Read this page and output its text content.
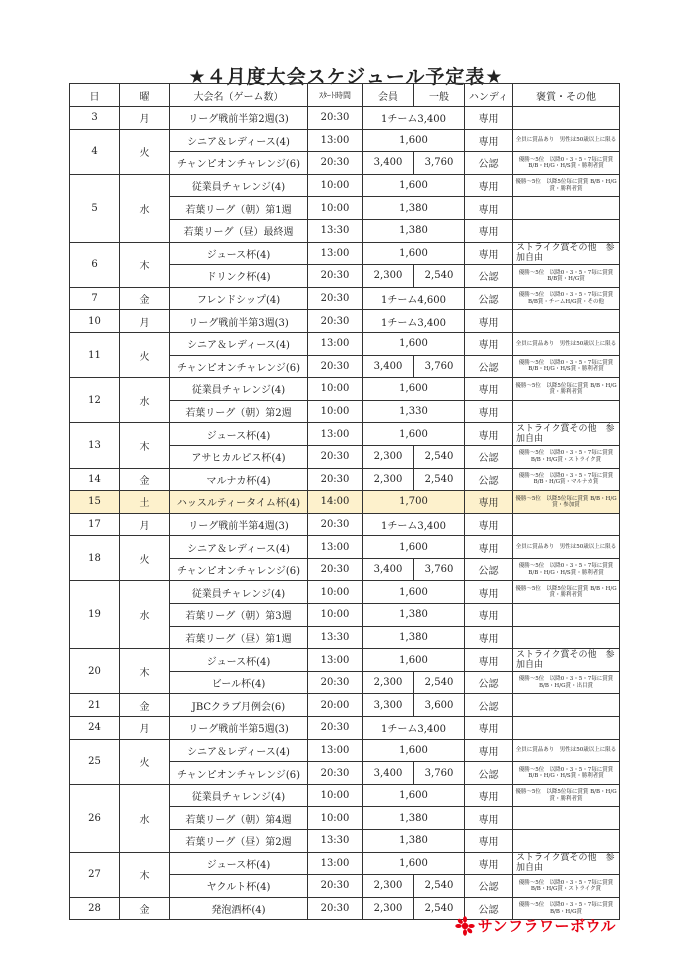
★４月度大会スケジュール予定表★
日	曜	大会名（ゲーム数）	ｽﾀｰﾄ時間	会員	一般	ハンディ	褒賞・その他
3	月	リーグ戦前半第2週(3)	20:30	1チーム3,400		専用	
4	火	シニア＆レディース(4)	13:00	1,600		専用	全員に賞品あり　男性は50歳以上に限る
		チャンピオンチャレンジ(6)	20:30	3,400	3,760	公認	優勝～5位　以降0・3・5・7毎に賞賞 B/B・H/G・H/S賞・勝利者賞
5	水	従業員チャレンジ(4)	10:00	1,600		専用	優勝～5位　以降5位毎に賞賞 B/B・H/G賞・勝利者賞
		若葉リーグ（朝）第1週	10:00	1,380		専用	
		若葉リーグ（昼）最終週	13:30	1,380		専用	
6	木	ジュース杯(4)	13:00	1,600		専用	ストライク賞その他　参加自由
		ドリンク杯(4)	20:30	2,300	2,540	公認	優勝～5位　以降0・3・5・7毎に賞賞 B/B賞・H/G賞
7	金	フレンドシップ(4)	20:30	1チーム4,600		公認	優勝～5位　以降0・3・5・7毎に賞賞 B/B賞・チームH/G賞・その他
10	月	リーグ戦前半第3週(3)	20:30	1チーム3,400		専用	
11	火	シニア＆レディース(4)	13:00	1,600		専用	全員に賞品あり　男性は50歳以上に限る
		チャンピオンチャレンジ(6)	20:30	3,400	3,760	公認	優勝～5位　以降0・3・5・7毎に賞賞 B/B・H/G・H/S賞・勝利者賞
12	水	従業員チャレンジ(4)	10:00	1,600		専用	優勝～5位　以降5位毎に賞賞 B/B・H/G賞・勝利者賞
		若葉リーグ（朝）第2週	10:00	1,330		専用	
13	木	ジュース杯(4)	13:00	1,600		専用	ストライク賞その他　参加自由
		アサヒカルピス杯(4)	20:30	2,300	2,540	公認	優勝～5位　以降0・3・5・7毎に賞賞 B/B・H/G賞・ストライク賞
14	金	マルナカ杯(4)	20:30	2,300	2,540	公認	優勝～5位　以降0・3・5・7毎に賞賞 B/B・H/G賞・マルナカ賞
15	土	ハッスルティータイム杯(4)	14:00	1,700		専用	優勝～5位　以降5位毎に賞賞 B/B・H/G賞・参加賞
17	月	リーグ戦前半第4週(3)	20:30	1チーム3,400		専用	
18	火	シニア＆レディース(4)	13:00	1,600		専用	全員に賞品あり　男性は50歳以上に限る
		チャンピオンチャレンジ(6)	20:30	3,400	3,760	公認	優勝～5位　以降0・3・5・7毎に賞賞 B/B・H/G・H/S賞・勝利者賞
19	水	従業員チャレンジ(4)	10:00	1,600		専用	優勝～5位　以降5位毎に賞賞 B/B・H/G賞・勝利者賞
		若葉リーグ（朝）第3週	10:00	1,380		専用	
		若葉リーグ（昼）第1週	13:30	1,380		専用	
20	木	ジュース杯(4)	13:00	1,600		専用	ストライク賞その他　参加自由
		ビール杯(4)	20:30	2,300	2,540	公認	優勝～5位　以降0・3・5・7毎に賞賞 B/B・H/G賞・出目賞
21	金	JBCクラブ月例会(6)	20:00	3,300	3,600	公認	
24	月	リーグ戦前半第5週(3)	20:30	1チーム3,400		専用	
25	火	シニア＆レディース(4)	13:00	1,600		専用	全員に賞品あり　男性は50歳以上に限る
		チャンピオンチャレンジ(6)	20:30	3,400	3,760	公認	優勝～5位　以降0・3・5・7毎に賞賞 B/B・H/G・H/S賞・勝利者賞
26	水	従業員チャレンジ(4)	10:00	1,600		専用	優勝～5位　以降5位毎に賞賞 B/B・H/G賞・勝利者賞
		若葉リーグ（朝）第4週	10:00	1,380		専用	
		若葉リーグ（昼）第2週	13:30	1,380		専用	
27	木	ジュース杯(4)	13:00	1,600		専用	ストライク賞その他　参加自由
		ヤクルト杯(4)	20:30	2,300	2,540	公認	優勝～5位　以降0・3・5・7毎に賞賞 B/B・H/G賞・ストライク賞
28	金	発泡酒杯(4)	20:30	2,300	2,540	公認	優勝～5位　以降0・3・5・7毎に賞賞 B/B・H/G賞
サンフラワーボウル
